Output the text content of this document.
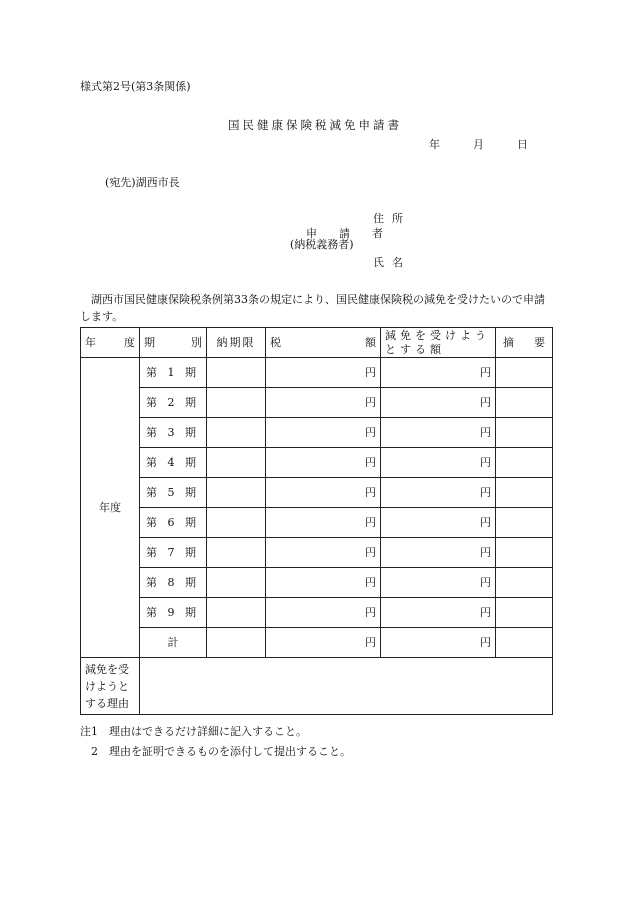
様式第2号(第3条関係)
国民健康保険税減免申請書
年	月	日
(宛先)湖西市長
住所
申請者
(納税義務者)
氏名
湖西市国民健康保険税条例第33条の規定により、国民健康保険税の減免を受けたいので申請します。
年 度	期 別	納期限	税 額	減免を受けようとする額	摘 要

年度	第 1 期		円	円	

	第 2 期		円	円	

	第 3 期		円	円	

	第 4 期		円	円	

	第 5 期		円	円	

	第 6 期		円	円	

	第 7 期		円	円	

	第 8 期		円	円	

	第 9 期		円	円	
	計		円	円	
減免を受けようとする理由					
注1　理由はできるだけ詳細に記入すること。
　2　理由を証明できるものを添付して提出すること。
